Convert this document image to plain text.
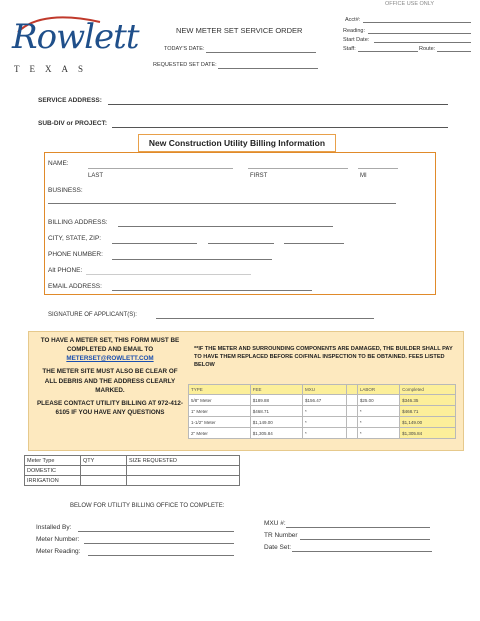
Rowlett
TEXAS
NEW METER SET SERVICE ORDER
TODAY'S DATE:
REQUESTED SET DATE:
OFFICE USE ONLY
Acct#:
Reading:
Start Date:
Staff:	Route:
SERVICE ADDRESS:
SUB-DIV or PROJECT:
New Construction Utility Billing Information
NAME:
LAST	FIRST	MI
BUSINESS:
BILLING ADDRESS:
CITY, STATE, ZIP:
PHONE NUMBER:
Alt PHONE:
EMAIL ADDRESS:
SIGNATURE OF APPLICANT(S):
TO HAVE A METER SET, THIS FORM MUST BE COMPLETED AND EMAIL TO
METERSET@ROWLETT.COM
THE METER SITE MUST ALSO BE CLEAR OF ALL DEBRIS AND THE ADDRESS CLEARLY MARKED.
PLEASE CONTACT UTILITY BILLING AT 972-412-6105 IF YOU HAVE ANY QUESTIONS
**IF THE METER AND SURROUNDING COMPONENTS ARE DAMAGED, THE BUILDER SHALL PAY TO HAVE THEM REPLACED BEFORE CO/FINAL INSPECTION TO BE OBTAINED. FEES LISTED BELOW
TYPE	FEE	MXU		LABOR	Completed
5/8" Meter	$189.88	$156.47		$25.00	$346.35
1" Meter	$468.71	*		*	$468.71
1-1/2" Meter	$1,149.00	*		*	$1,149.00
2" Meter	$1,305.84	*		*	$1,305.84
Meter Type	QTY	SIZE REQUESTED
DOMESTIC		
IRRIGATION		
BELOW FOR UTILITY BILLING OFFICE TO COMPLETE:
Installed By:
Meter Number:
Meter Reading:
MXU #:
TR Number
Date Set:
